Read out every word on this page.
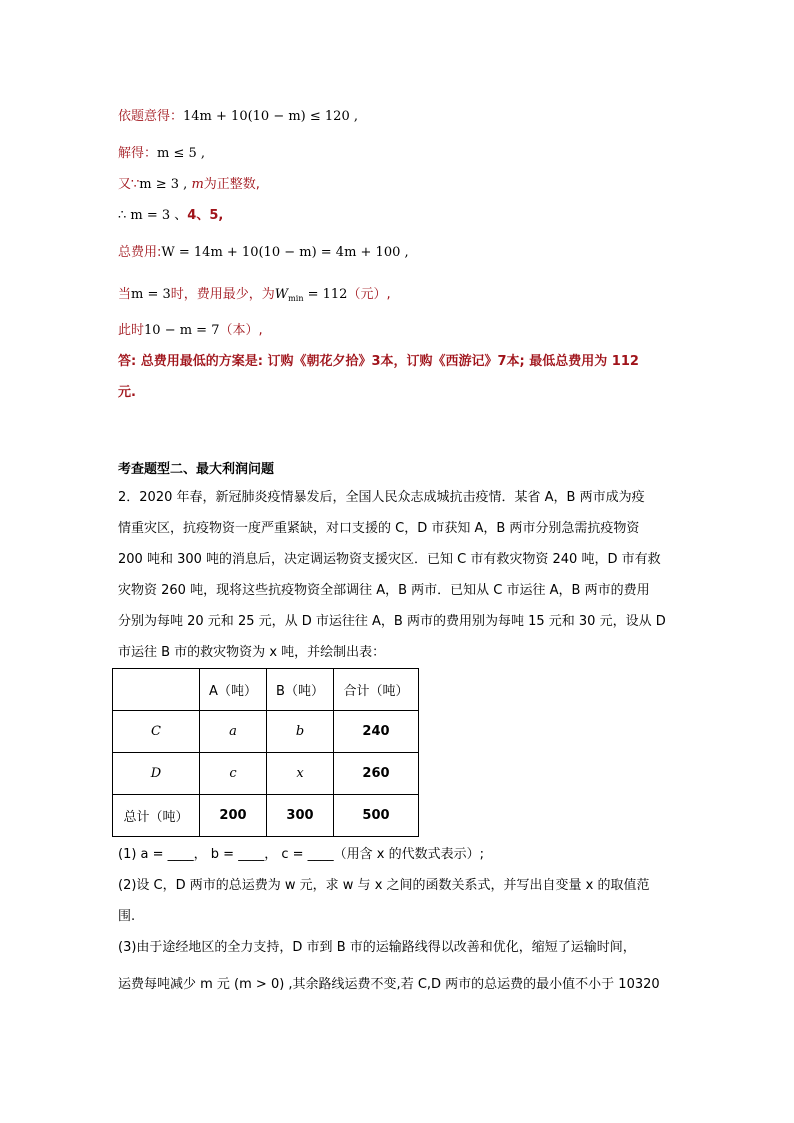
依题意得：14m + 10(10 − m) ≤ 120 ,
解得：m ≤ 5 ,
又∵m ≥ 3 , m为正整数,
∴ m = 3 、4、5,
总费用:W = 14m + 10(10 − m) = 4m + 100 ,
当m = 3时，费用最少，为$W_{min} = 112$（元）,
此时10 − m = 7（本）,
答: 总费用最低的方案是: 订购《朝花夕拾》3本，订购《西游记》7本; 最低总费用为 112
元.
考查题型二、最大利润问题
2．2020 年春，新冠肺炎疫情暴发后，全国人民众志成城抗击疫情．某省 A，B 两市成为疫
情重灾区，抗疫物资一度严重紧缺，对口支援的 C，D 市获知 A，B 两市分别急需抗疫物资
200 吨和 300 吨的消息后，决定调运物资支援灾区．已知 C 市有救灾物资 240 吨，D 市有救
灾物资 260 吨，现将这些抗疫物资全部调往 A，B 两市．已知从 C 市运往 A，B 两市的费用
分别为每吨 20 元和 25 元，从 D 市运往往 A，B 两市的费用别为每吨 15 元和 30 元，设从 D
市运往 B 市的救灾物资为 x 吨，并绘制出表：
	A（吨）	B（吨）	合计（吨）
C	a	b	240
D	c	x	260
总计（吨）	200	300	500
(1) a = ____， b = ____， c = ____（用含 x 的代数式表示）;
(2)设 C，D 两市的总运费为 w 元，求 w 与 x 之间的函数关系式，并写出自变量 x 的取值范
围.
(3)由于途经地区的全力支持，D 市到 B 市的运输路线得以改善和优化，缩短了运输时间，
运费每吨减少 m 元 (m > 0) ,其余路线运费不变,若 C,D 两市的总运费的最小值不小于 10320
